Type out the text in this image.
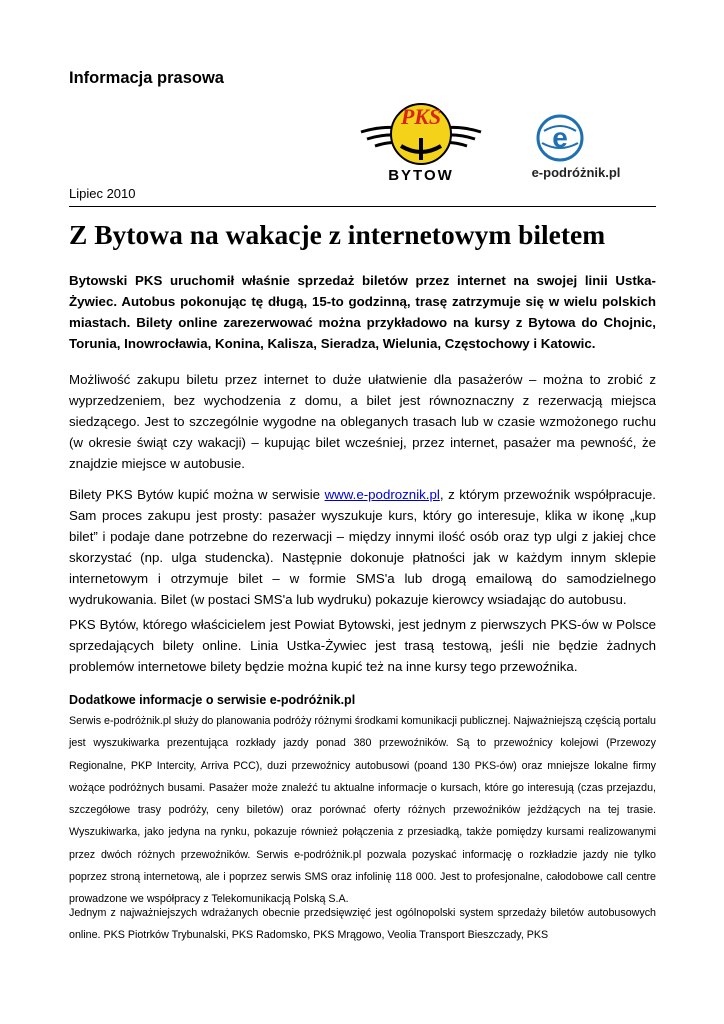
Informacja prasowa

PKS
BYTOW
e
e-podróżnik.pl

Lipiec 2010

Z Bytowa na wakacje z internetowym biletem

Bytowski PKS uruchomił właśnie sprzedaż biletów przez internet na swojej linii Ustka-Żywiec. Autobus pokonując tę długą, 15-to godzinną, trasę zatrzymuje się w wielu polskich miastach. Bilety online zarezerwować można przykładowo na kursy z Bytowa do Chojnic, Torunia, Inowrocławia, Konina, Kalisza, Sieradza, Wielunia, Częstochowy i Katowic.

Możliwość zakupu biletu przez internet to duże ułatwienie dla pasażerów – można to zrobić z wyprzedzeniem, bez wychodzenia z domu, a bilet jest równoznaczny z rezerwacją miejsca siedzącego. Jest to szczególnie wygodne na obleganych trasach lub w czasie wzmożonego ruchu (w okresie świąt czy wakacji) – kupując bilet wcześniej, przez internet, pasażer ma pewność, że znajdzie miejsce w autobusie.

Bilety PKS Bytów kupić można w serwisie www.e-podroznik.pl, z którym przewoźnik współpracuje. Sam proces zakupu jest prosty: pasażer wyszukuje kurs, który go interesuje, klika w ikonę „kup bilet” i podaje dane potrzebne do rezerwacji – między innymi ilość osób oraz typ ulgi z jakiej chce skorzystać (np. ulga studencka). Następnie dokonuje płatności jak w każdym innym sklepie internetowym i otrzymuje bilet – w formie SMS'a lub drogą emailową do samodzielnego wydrukowania. Bilet (w postaci SMS'a lub wydruku) pokazuje kierowcy wsiadając do autobusu.

PKS Bytów, którego właścicielem jest Powiat Bytowski, jest jednym z pierwszych PKS-ów w Polsce sprzedających bilety online. Linia Ustka-Żywiec jest trasą testową, jeśli nie będzie żadnych problemów internetowe bilety będzie można kupić też na inne kursy tego przewoźnika.

Dodatkowe informacje o serwisie e-podróżnik.pl

Serwis e-podróżnik.pl służy do planowania podróży różnymi środkami komunikacji publicznej. Najważniejszą częścią portalu jest wyszukiwarka prezentująca rozkłady jazdy ponad 380 przewoźników. Są to przewoźnicy kolejowi (Przewozy Regionalne, PKP Intercity, Arriva PCC), duzi przewoźnicy autobusowi (poand 130 PKS-ów) oraz mniejsze lokalne firmy wożące podróżnych busami. Pasażer może znaleźć tu aktualne informacje o kursach, które go interesują (czas przejazdu, szczegółowe trasy podróży, ceny biletów) oraz porównać oferty różnych przewoźników jeżdżących na tej trasie. Wyszukiwarka, jako jedyna na rynku, pokazuje również połączenia z przesiadką, także pomiędzy kursami realizowanymi przez dwóch różnych przewoźników. Serwis e-podróżnik.pl pozwala pozyskać informację o rozkładzie jazdy nie tylko poprzez stroną internetową, ale i poprzez serwis SMS oraz infolinię 118 000. Jest to profesjonalne, całodobowe call centre prowadzone we współpracy z Telekomunikacją Polską S.A.

Jednym z najważniejszych wdrażanych obecnie przedsięwzięć jest ogólnopolski system sprzedaży biletów autobusowych online. PKS Piotrków Trybunalski, PKS Radomsko, PKS Mrągowo, Veolia Transport Bieszczady, PKS
